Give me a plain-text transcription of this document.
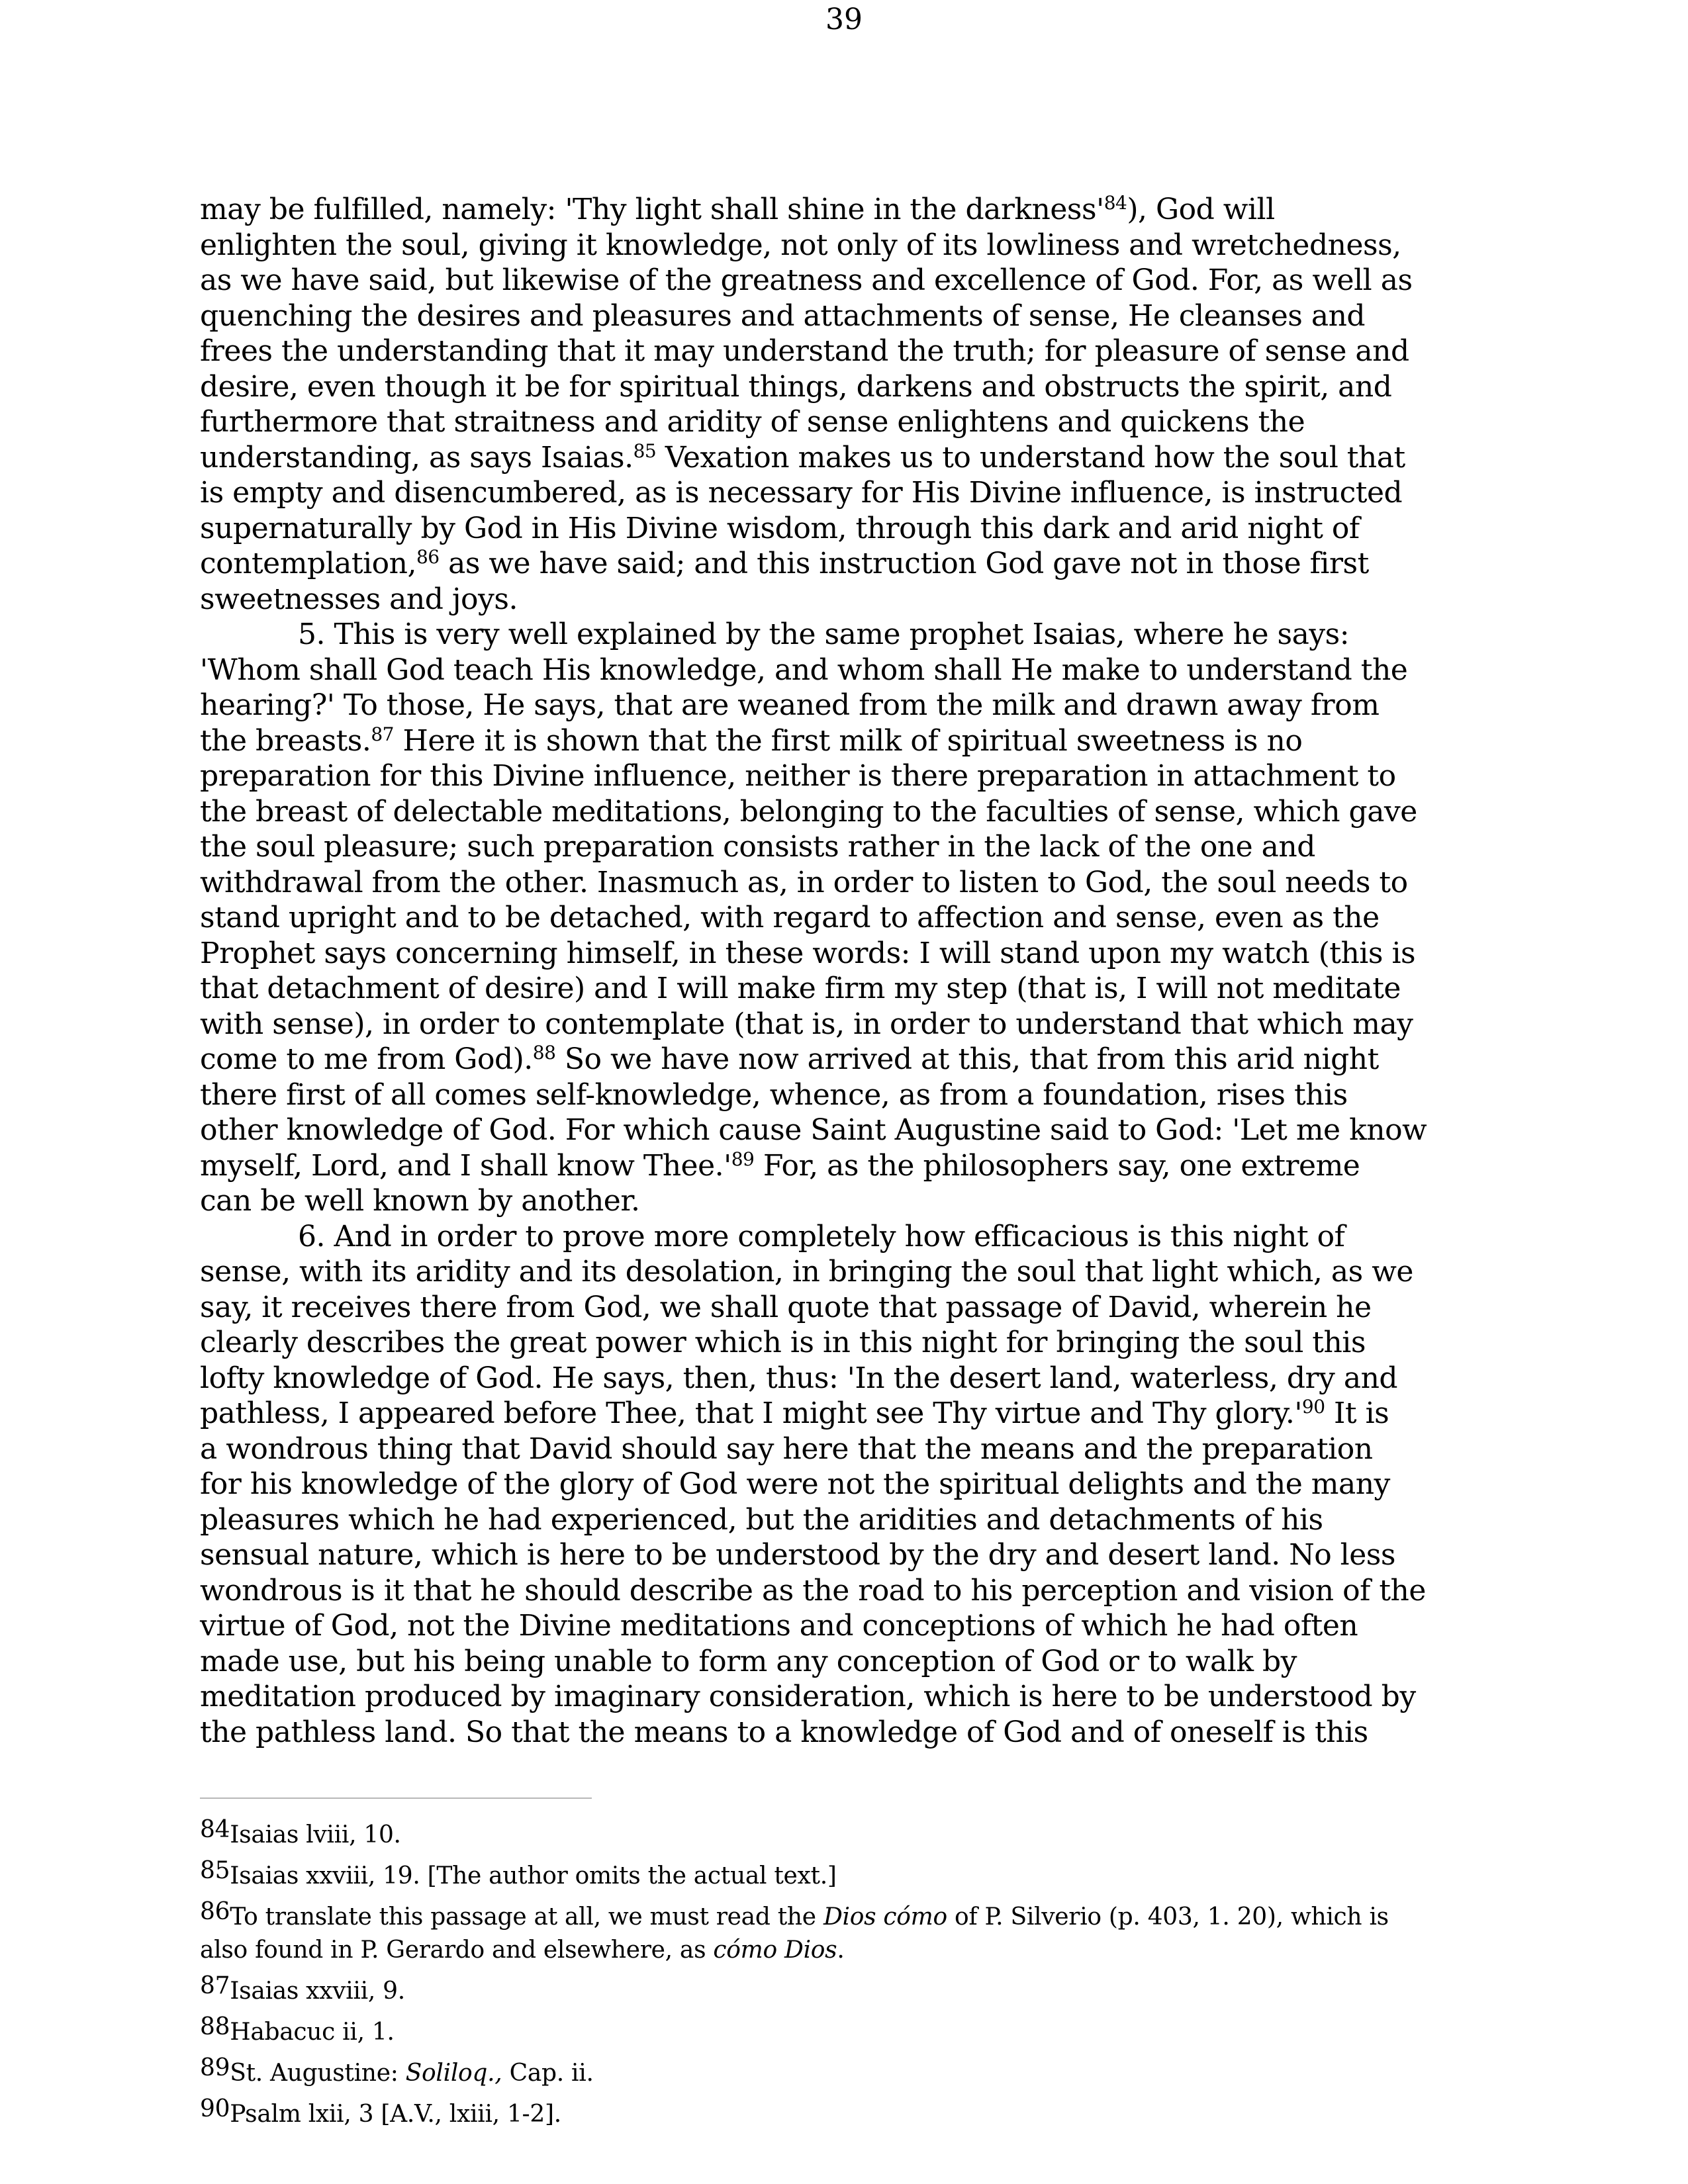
39
may be fulfilled, namely: 'Thy light shall shine in the $darkness'^{84}$), God will
enlighten the soul, giving it knowledge, not only of its lowliness and wretchedness,
as we have said, but likewise of the greatness and excellence of God. For, as well as
quenching the desires and pleasures and attachments of sense, He cleanses and
frees the understanding that it may understand the truth; for pleasure of sense and
desire, even though it be for spiritual things, darkens and obstructs the spirit, and
furthermore that straitness and aridity of sense enlightens and quickens the
understanding, as says Isaias.$^{85}$ Vexation makes us to understand how the soul that
is empty and disencumbered, as is necessary for His Divine influence, is instructed
supernaturally by God in His Divine wisdom, through this dark and arid night of
contemplation,$^{86}$ as we have said; and this instruction God gave not in those first
sweetnesses and joys.
5. This is very well explained by the same prophet Isaias, where he says:
'Whom shall God teach His knowledge, and whom shall He make to understand the
hearing?' To those, He says, that are weaned from the milk and drawn away from
the breasts.$^{87}$ Here it is shown that the first milk of spiritual sweetness is no
preparation for this Divine influence, neither is there preparation in attachment to
the breast of delectable meditations, belonging to the faculties of sense, which gave
the soul pleasure; such preparation consists rather in the lack of the one and
withdrawal from the other. Inasmuch as, in order to listen to God, the soul needs to
stand upright and to be detached, with regard to affection and sense, even as the
Prophet says concerning himself, in these words: I will stand upon my watch (this is
that detachment of desire) and I will make firm my step (that is, I will not meditate
with sense), in order to contemplate (that is, in order to understand that which may
come to me from God).$^{88}$ So we have now arrived at this, that from this arid night
there first of all comes self-knowledge, whence, as from a foundation, rises this
other knowledge of God. For which cause Saint Augustine said to God: 'Let me know
myself, Lord, and I shall know $Thee.'^{89}$ For, as the philosophers say, one extreme
can be well known by another.
6. And in order to prove more completely how efficacious is this night of
sense, with its aridity and its desolation, in bringing the soul that light which, as we
say, it receives there from God, we shall quote that passage of David, wherein he
clearly describes the great power which is in this night for bringing the soul this
lofty knowledge of God. He says, then, thus: 'In the desert land, waterless, dry and
pathless, I appeared before Thee, that I might see Thy virtue and Thy $glory.'^{90}$ It is
a wondrous thing that David should say here that the means and the preparation
for his knowledge of the glory of God were not the spiritual delights and the many
pleasures which he had experienced, but the aridities and detachments of his
sensual nature, which is here to be understood by the dry and desert land. No less
wondrous is it that he should describe as the road to his perception and vision of the
virtue of God, not the Divine meditations and conceptions of which he had often
made use, but his being unable to form any conception of God or to walk by
meditation produced by imaginary consideration, which is here to be understood by
the pathless land. So that the means to a knowledge of God and of oneself is this
84Isaias lviii, 10.
85Isaias xxviii, 19. [The author omits the actual text.]
86To translate this passage at all, we must read the Dios cómo of P. Silverio (p. 403, 1. 20), which is
also found in P. Gerardo and elsewhere, as cómo Dios.
87Isaias xxviii, 9.
88Habacuc ii, 1.
89St. Augustine: Soliloq., Cap. ii.
90Psalm lxii, 3 [A.V., lxiii, 1-2].
